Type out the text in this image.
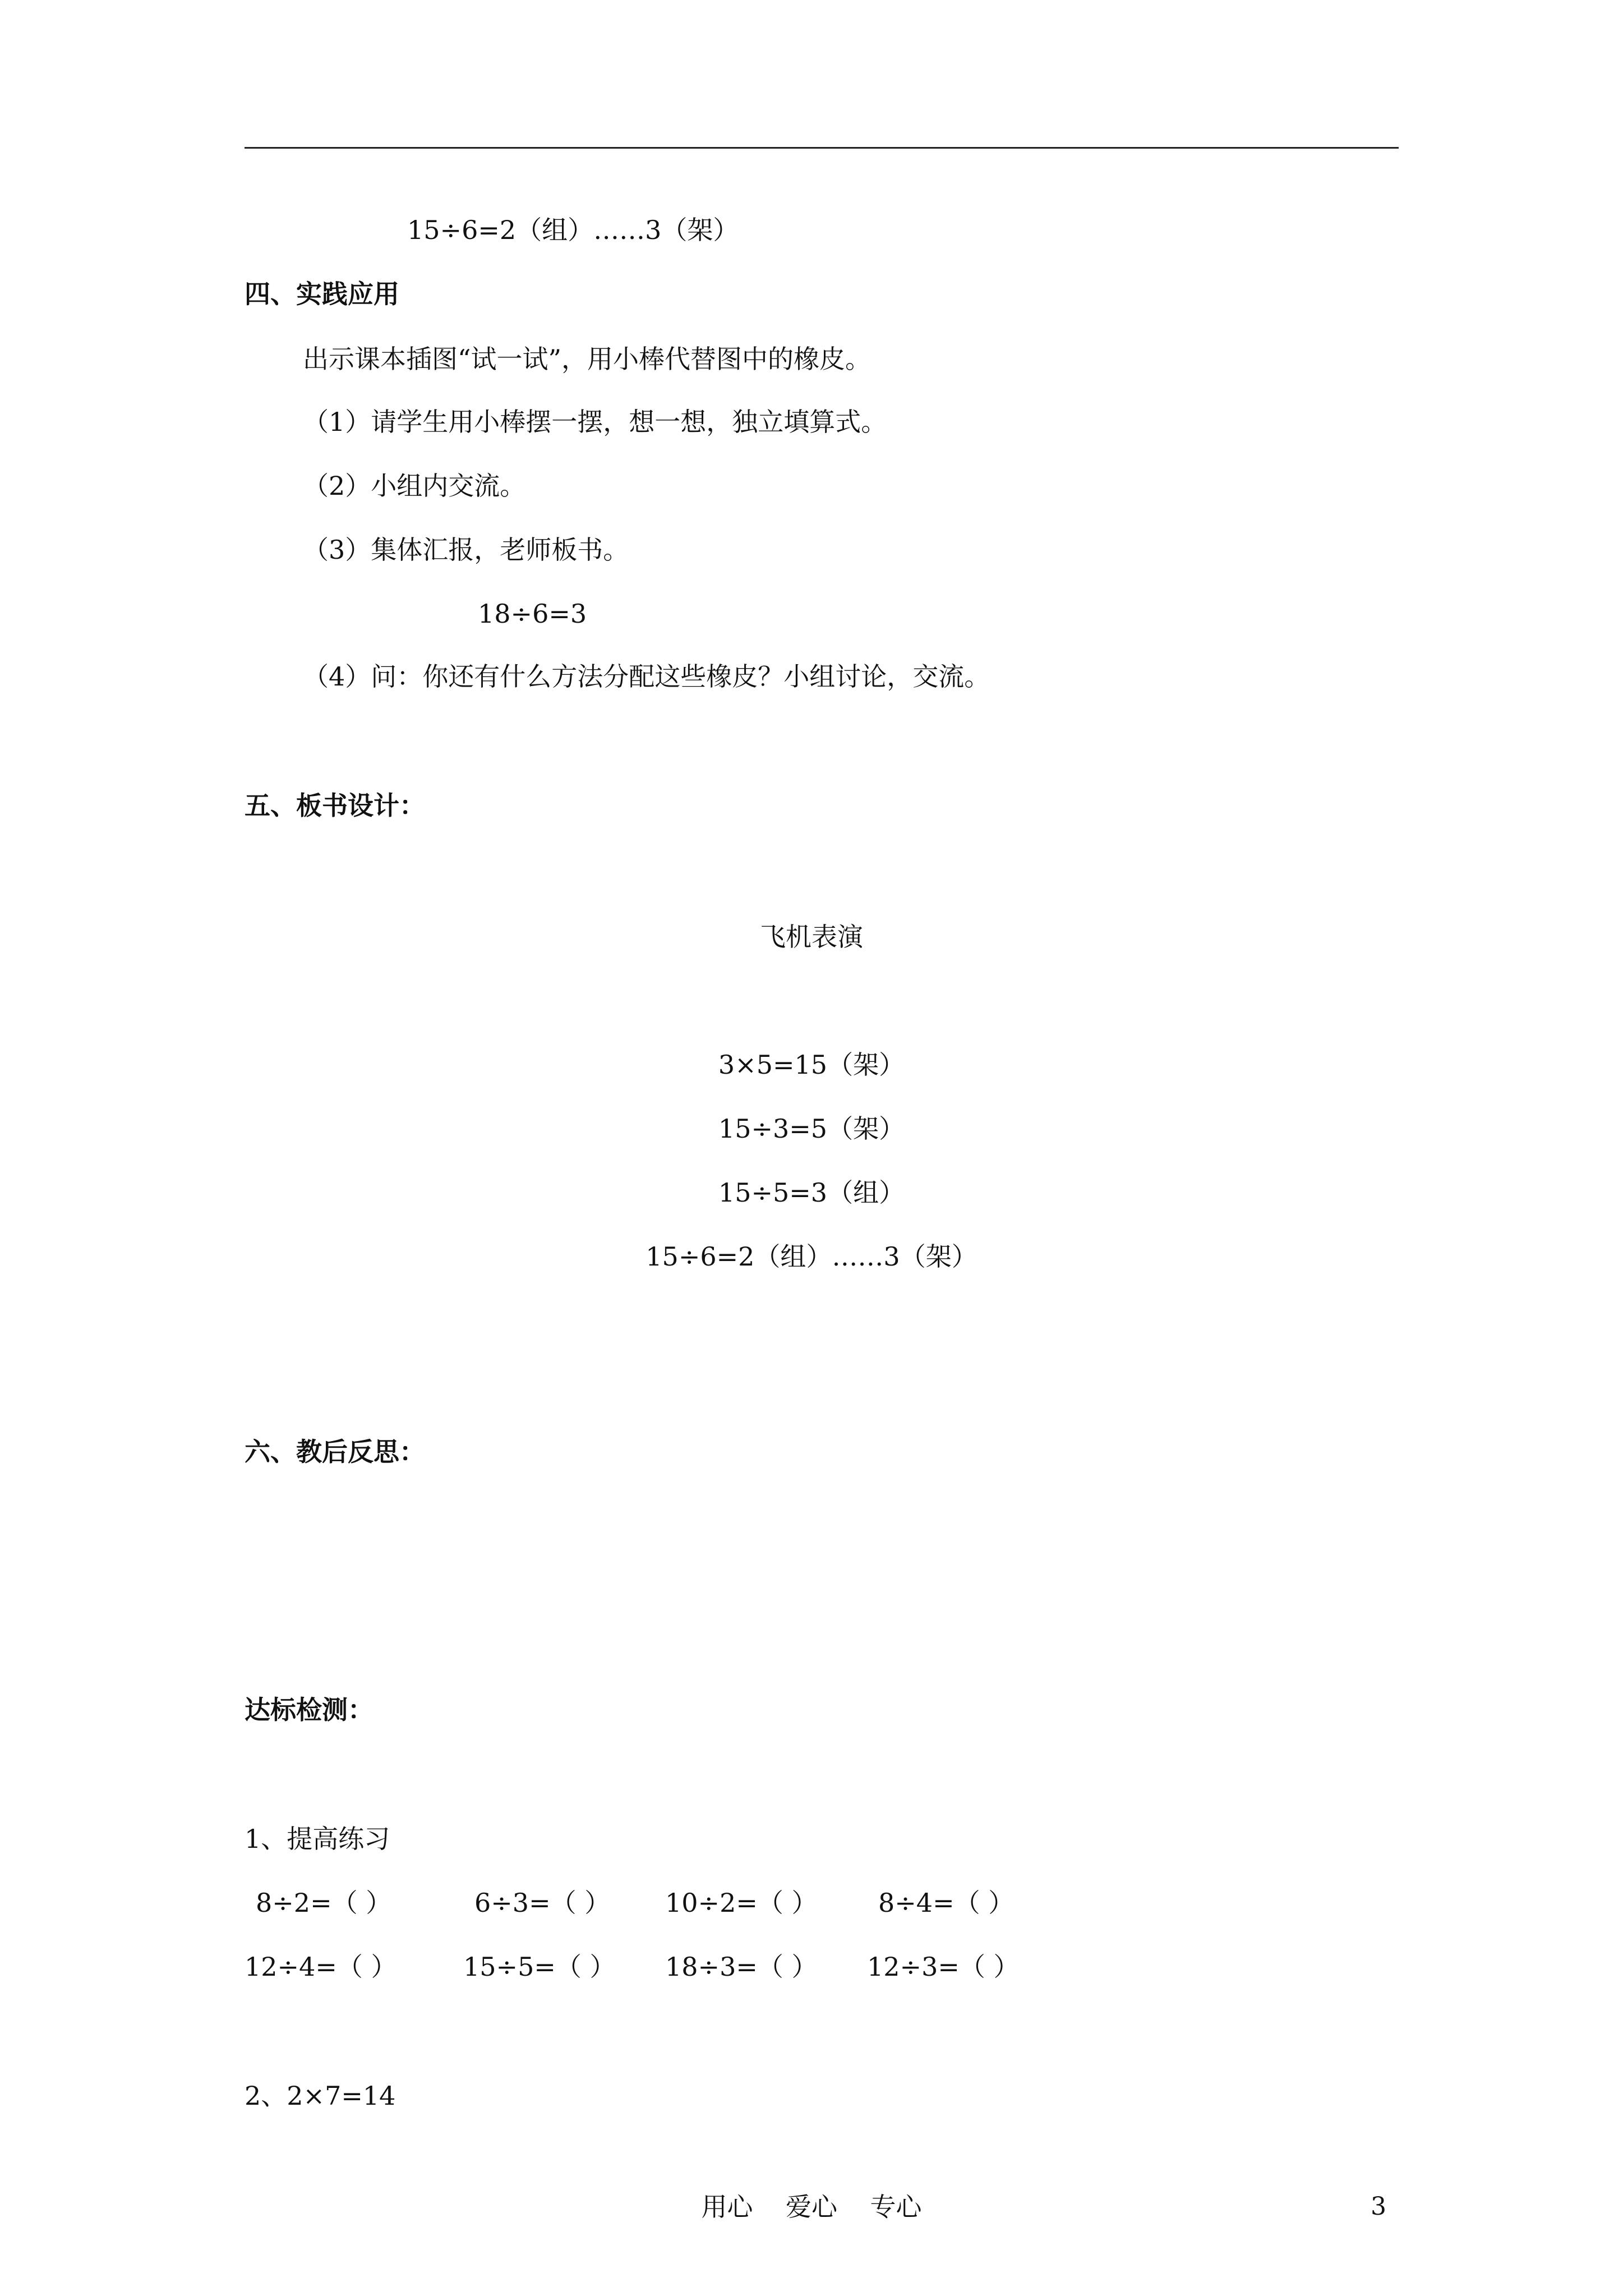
15÷6=2（组）……3（架）
四、实践应用
出示课本插图“试一试”，用小棒代替图中的橡皮。
（1）请学生用小棒摆一摆，想一想，独立填算式。
（2）小组内交流。
（3）集体汇报，老师板书。
18÷6=3
（4）问：你还有什么方法分配这些橡皮？小组讨论，交流。
五、板书设计：
飞机表演
3×5=15（架）
15÷3=5（架）
15÷5=3（组）
15÷6=2（组）……3（架）
六、教后反思：
达标检测：
1、提高练习
8÷2=（ ）	6÷3=（ ） 10÷2=（ ） 8÷4=（ ）
12÷4=（ ）	15÷5=（ ） 18÷3=（ ） 12÷3=（ ）
2、2×7=14
用心    爱心    专心	3
